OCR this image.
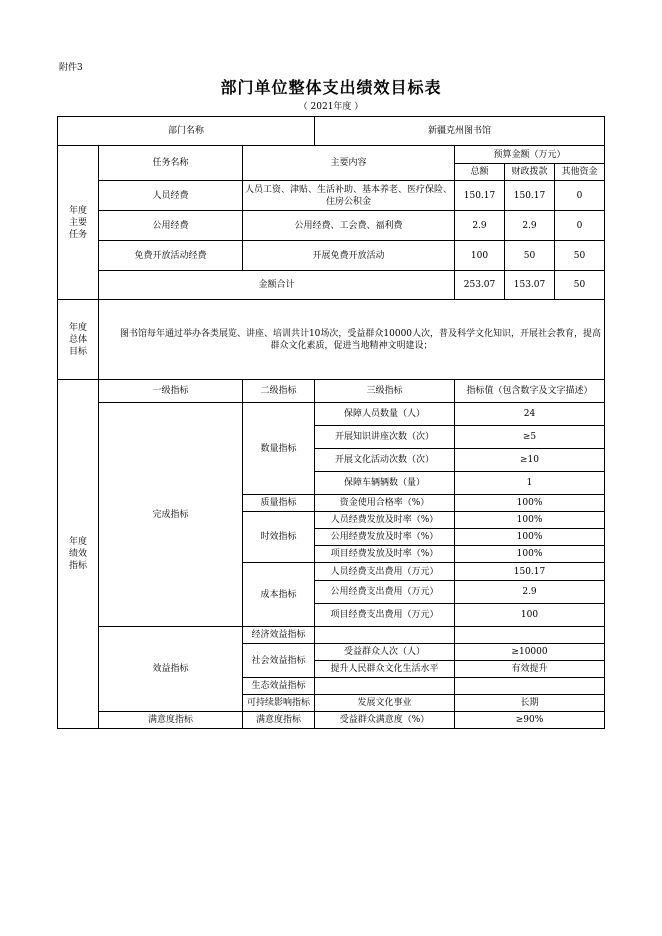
附件3
部门单位整体支出绩效目标表
（ 2021年度 ）
部门名称			新疆克州图书馆			
年度主要任务	任务名称	主要内容		预算金额（万元）		
				总额	财政拨款	其他资金
	人员经费	人员工资、津贴、生活补助、基本养老、医疗保险、住房公积金		150.17	150.17	0
	公用经费	公用经费、工会费、福利费		2.9	2.9	0
	免费开放活动经费	开展免费开放活动		100	50	50
	金额合计			253.07	153.07	50

年度总体目标	图书馆每年通过举办各类展览、讲座、培训共计10场次，受益群众10000人次，普及科学文化知识，开展社会教育，提高群众文化素质，促进当地精神文明建设；					

年度绩效指标	一级指标	二级指标	三级指标	指标值（包含数字及文字描述）		
	完成指标	数量指标	保障人员数量（人）	24		
			开展知识讲座次数（次）	≥5		
			开展文化活动次数（次）	≥10		
			保障车辆辆数（量）	1		
		质量指标	资金使用合格率（%）	100%		
		时效指标	人员经费发放及时率（%）	100%		
			公用经费发放及时率（%）	100%		
			项目经费发放及时率（%）	100%		
		成本指标	人员经费支出费用（万元）	150.17		
			公用经费支出费用（万元）	2.9		
			项目经费支出费用（万元）	100		
	效益指标	经济效益指标				
		社会效益指标	受益群众人次（人）	≥10000		
			提升人民群众文化生活水平	有效提升		
		生态效益指标				
		可持续影响指标	发展文化事业	长期		
	满意度指标	满意度指标	受益群众满意度（%）	≥90%		
